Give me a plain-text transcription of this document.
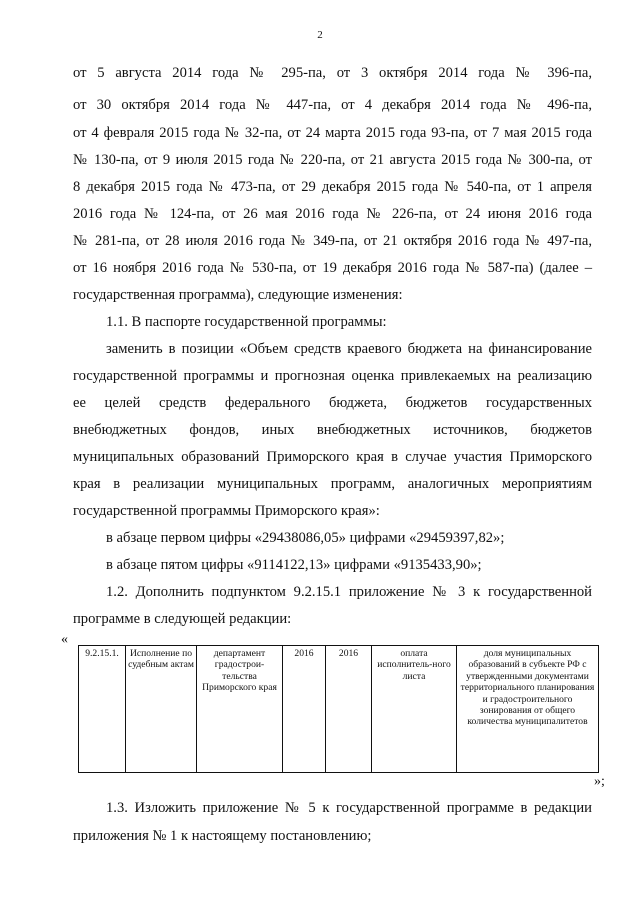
2
от 5 августа 2014 года № 295-па, от 3 октября 2014 года № 396-па,
от 30 октября 2014 года № 447-па, от 4 декабря 2014 года № 496-па,
от 4 февраля 2015 года № 32-па, от 24 марта 2015 года 93-па, от 7 мая 2015 года
№ 130-па, от 9 июля 2015 года № 220-па, от 21 августа 2015 года № 300-па, от
8 декабря 2015 года № 473-па, от 29 декабря 2015 года № 540-па, от 1 апреля
2016 года № 124-па, от 26 мая 2016 года № 226-па, от 24 июня 2016 года
№ 281-па, от 28 июля 2016 года № 349-па, от 21 октября 2016 года № 497-па,
от 16 ноября 2016 года № 530-па, от 19 декабря 2016 года № 587-па) (далее –
государственная программа), следующие изменения:
1.1. В паспорте государственной программы:
заменить в позиции «Объем средств краевого бюджета на финансирование
государственной программы и прогнозная оценка привлекаемых на реализацию
ее целей средств федерального бюджета, бюджетов государственных
внебюджетных фондов, иных внебюджетных источников, бюджетов
муниципальных образований Приморского края в случае участия Приморского
края в реализации муниципальных программ, аналогичных мероприятиям
государственной программы Приморского края»:
в абзаце первом цифры «29438086,05» цифрами «29459397,82»;
в абзаце пятом цифры «9114122,13» цифрами «9135433,90»;
1.2. Дополнить подпунктом 9.2.15.1 приложение № 3 к государственной
программе в следующей редакции:
«
9.2.15.1.	Исполнение по судебным актам	департамент градострои-тельства Приморского края	2016	2016	оплата исполнитель-ного листа	доля муниципальных образований в субъекте РФ с утвержденными документами территориального планирования и градостроительного зонирования от общего количества муниципалитетов
»;
1.3. Изложить приложение № 5 к государственной программе в редакции
приложения № 1 к настоящему постановлению;
